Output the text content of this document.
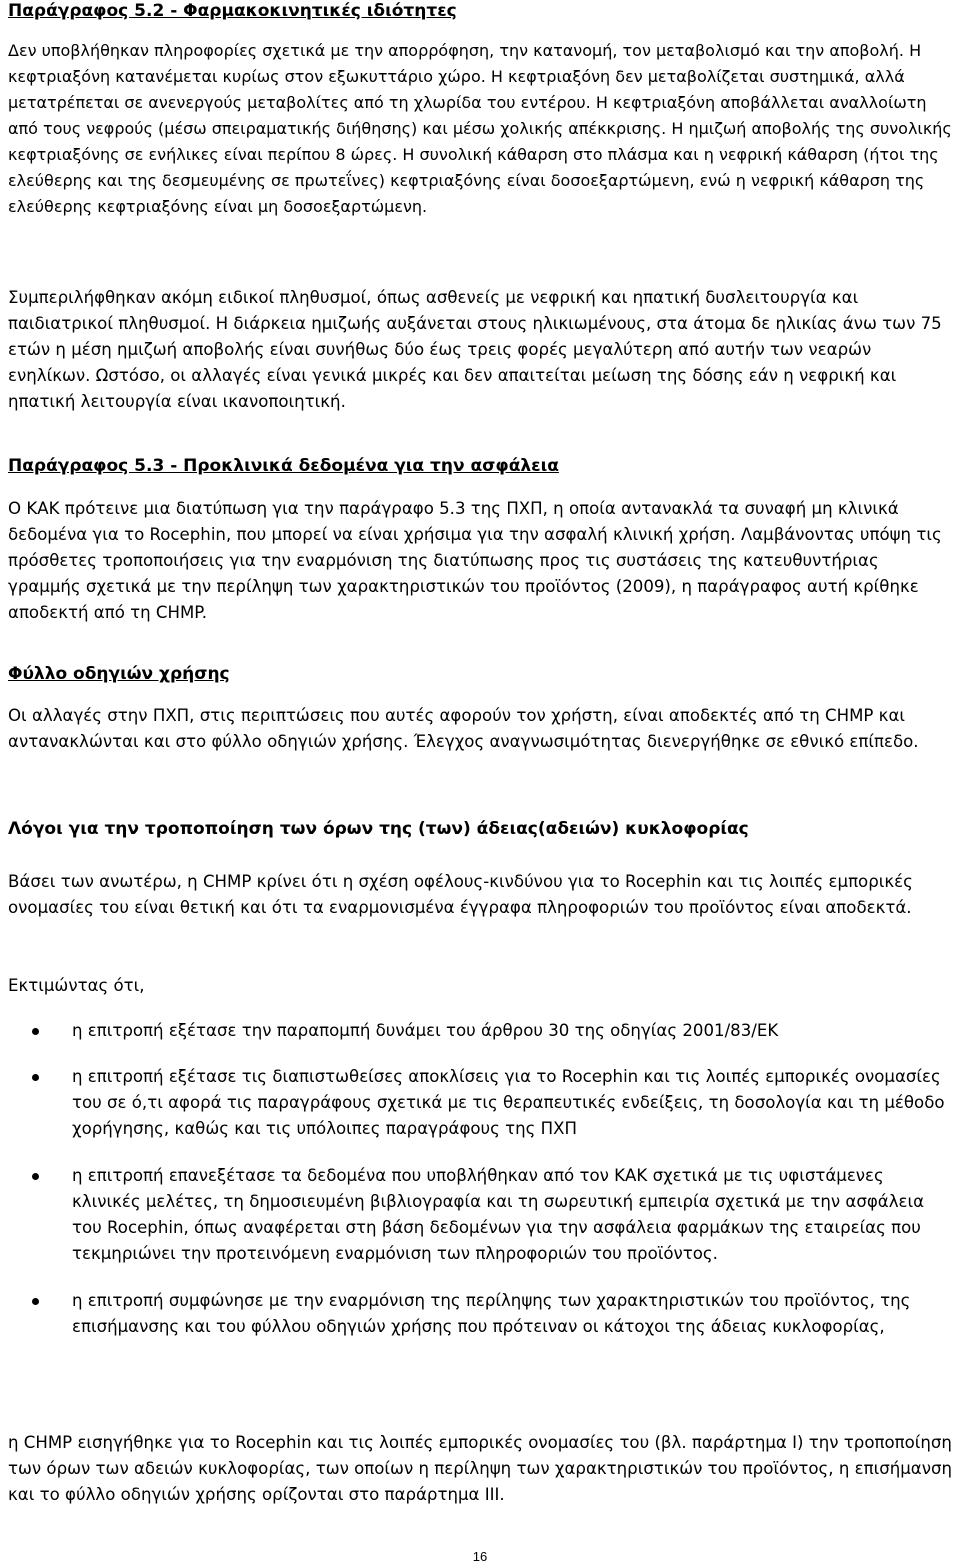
Παράγραφος 5.2 - Φαρμακοκινητικές ιδιότητες

Δεν υποβλήθηκαν πληροφορίες σχετικά με την απορρόφηση, την κατανομή, τον μεταβολισμό και την αποβολή. Η κεφτριαξόνη κατανέμεται κυρίως στον εξωκυττάριο χώρο. Η κεφτριαξόνη δεν μεταβολίζεται συστημικά, αλλά μετατρέπεται σε ανενεργούς μεταβολίτες από τη χλωρίδα του εντέρου. Η κεφτριαξόνη αποβάλλεται αναλλοίωτη από τους νεφρούς (μέσω σπειραματικής διήθησης) και μέσω χολικής απέκκρισης. Η ημιζωή αποβολής της συνολικής κεφτριαξόνης σε ενήλικες είναι περίπου 8 ώρες. Η συνολική κάθαρση στο πλάσμα και η νεφρική κάθαρση (ήτοι της ελεύθερης και της δεσμευμένης σε πρωτεΐνες) κεφτριαξόνης είναι δοσοεξαρτώμενη, ενώ η νεφρική κάθαρση της ελεύθερης κεφτριαξόνης είναι μη δοσοεξαρτώμενη.

Συμπεριλήφθηκαν ακόμη ειδικοί πληθυσμοί, όπως ασθενείς με νεφρική και ηπατική δυσλειτουργία και παιδιατρικοί πληθυσμοί. Η διάρκεια ημιζωής αυξάνεται στους ηλικιωμένους, στα άτομα δε ηλικίας άνω των 75 ετών η μέση ημιζωή αποβολής είναι συνήθως δύο έως τρεις φορές μεγαλύτερη από αυτήν των νεαρών ενηλίκων. Ωστόσο, οι αλλαγές είναι γενικά μικρές και δεν απαιτείται μείωση της δόσης εάν η νεφρική και ηπατική λειτουργία είναι ικανοποιητική.

Παράγραφος 5.3 - Προκλινικά δεδομένα για την ασφάλεια

Ο ΚΑΚ πρότεινε μια διατύπωση για την παράγραφο 5.3 της ΠΧΠ, η οποία αντανακλά τα συναφή μη κλινικά δεδομένα για το Rocephin, που μπορεί να είναι χρήσιμα για την ασφαλή κλινική χρήση. Λαμβάνοντας υπόψη τις πρόσθετες τροποποιήσεις για την εναρμόνιση της διατύπωσης προς τις συστάσεις της κατευθυντήριας γραμμής σχετικά με την περίληψη των χαρακτηριστικών του προϊόντος (2009), η παράγραφος αυτή κρίθηκε αποδεκτή από τη CHMP.

Φύλλο οδηγιών χρήσης

Οι αλλαγές στην ΠΧΠ, στις περιπτώσεις που αυτές αφορούν τον χρήστη, είναι αποδεκτές από τη CHMP και αντανακλώνται και στο φύλλο οδηγιών χρήσης. Έλεγχος αναγνωσιμότητας διενεργήθηκε σε εθνικό επίπεδο.

Λόγοι για την τροποποίηση των όρων της (των) άδειας(αδειών) κυκλοφορίας

Βάσει των ανωτέρω, η CHMP κρίνει ότι η σχέση οφέλους-κινδύνου για το Rocephin και τις λοιπές εμπορικές ονομασίες του είναι θετική και ότι τα εναρμονισμένα έγγραφα πληροφοριών του προϊόντος είναι αποδεκτά.

Εκτιμώντας ότι,

η επιτροπή εξέτασε την παραπομπή δυνάμει του άρθρου 30 της οδηγίας 2001/83/ΕΚ
η επιτροπή εξέτασε τις διαπιστωθείσες αποκλίσεις για το Rocephin και τις λοιπές εμπορικές ονομασίες του σε ό,τι αφορά τις παραγράφους σχετικά με τις θεραπευτικές ενδείξεις, τη δοσολογία και τη μέθοδο χορήγησης, καθώς και τις υπόλοιπες παραγράφους της ΠΧΠ
η επιτροπή επανεξέτασε τα δεδομένα που υποβλήθηκαν από τον ΚΑΚ σχετικά με τις υφιστάμενες κλινικές μελέτες, τη δημοσιευμένη βιβλιογραφία και τη σωρευτική εμπειρία σχετικά με την ασφάλεια του Rocephin, όπως αναφέρεται στη βάση δεδομένων για την ασφάλεια φαρμάκων της εταιρείας που τεκμηριώνει την προτεινόμενη εναρμόνιση των πληροφοριών του προϊόντος.
η επιτροπή συμφώνησε με την εναρμόνιση της περίληψης των χαρακτηριστικών του προϊόντος, της επισήμανσης και του φύλλου οδηγιών χρήσης που πρότειναν οι κάτοχοι της άδειας κυκλοφορίας,

η CHMP εισηγήθηκε για το Rocephin και τις λοιπές εμπορικές ονομασίες του (βλ. παράρτημα I) την τροποποίηση των όρων των αδειών κυκλοφορίας, των οποίων η περίληψη των χαρακτηριστικών του προϊόντος, η επισήμανση και το φύλλο οδηγιών χρήσης ορίζονται στο παράρτημα III.

16
